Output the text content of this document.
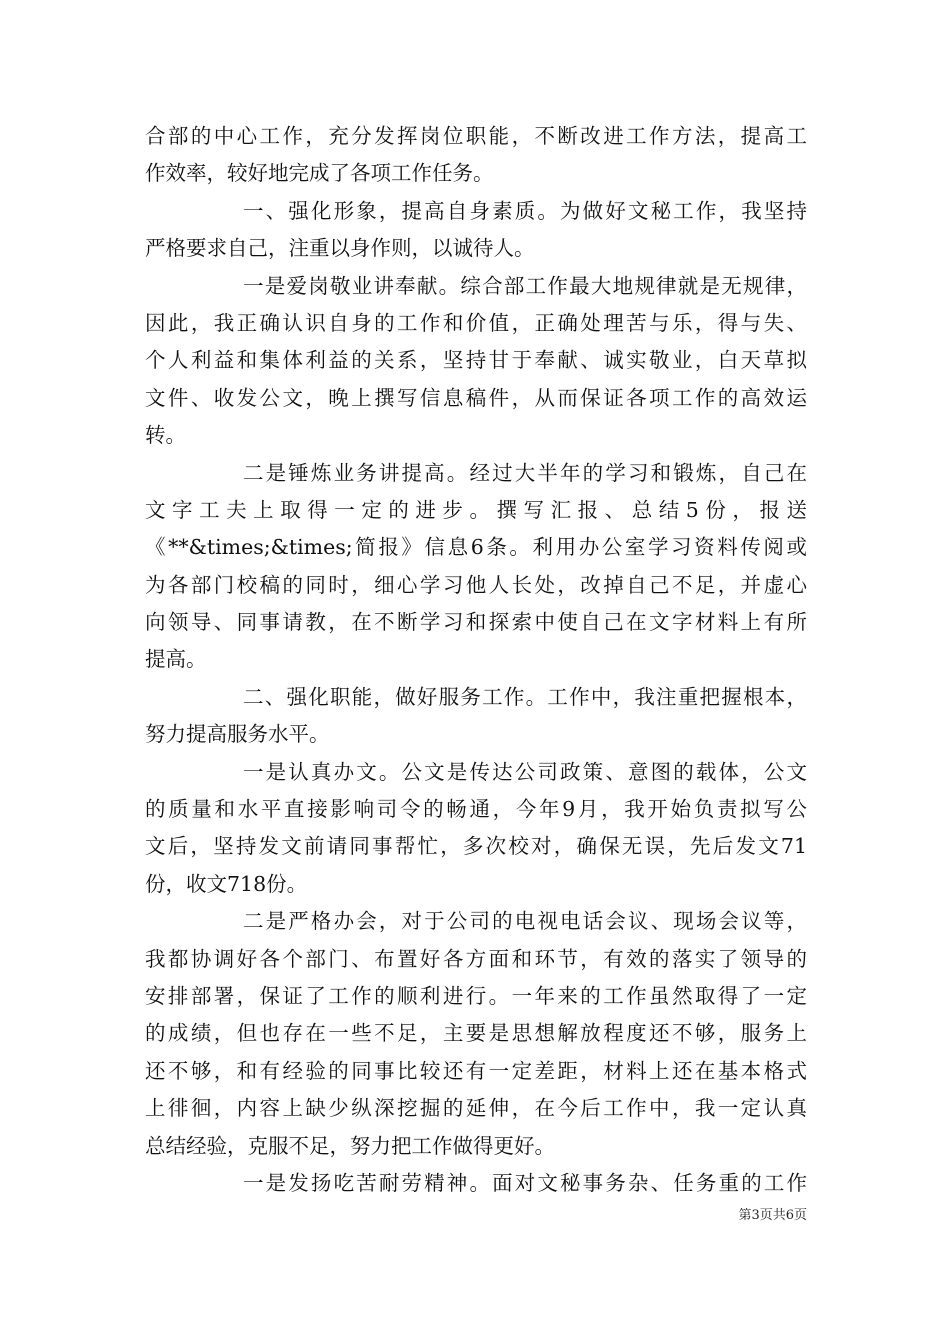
合部的中心工作，充分发挥岗位职能，不断改进工作方法，提高工
作效率，较好地完成了各项工作任务。
一、强化形象，提高自身素质。为做好文秘工作，我坚持
严格要求自己，注重以身作则，以诚待人。
一是爱岗敬业讲奉献。综合部工作最大地规律就是无规律，
因此，我正确认识自身的工作和价值，正确处理苦与乐，得与失、
个人利益和集体利益的关系，坚持甘于奉献、诚实敬业，白天草拟
文件、收发公文，晚上撰写信息稿件，从而保证各项工作的高效运
转。
二是锤炼业务讲提高。经过大半年的学习和锻炼，自己在
文字工夫上取得一定的进步。撰写汇报、总结5份，报送
《**&times;&times;简报》信息6条。利用办公室学习资料传阅或
为各部门校稿的同时，细心学习他人长处，改掉自己不足，并虚心
向领导、同事请教，在不断学习和探索中使自己在文字材料上有所
提高。
二、强化职能，做好服务工作。工作中，我注重把握根本，
努力提高服务水平。
一是认真办文。公文是传达公司政策、意图的载体，公文
的质量和水平直接影响司令的畅通，今年9月，我开始负责拟写公
文后，坚持发文前请同事帮忙，多次校对，确保无误，先后发文71
份，收文718份。
二是严格办会，对于公司的电视电话会议、现场会议等，
我都协调好各个部门、布置好各方面和环节，有效的落实了领导的
安排部署，保证了工作的顺利进行。一年来的工作虽然取得了一定
的成绩，但也存在一些不足，主要是思想解放程度还不够，服务上
还不够，和有经验的同事比较还有一定差距，材料上还在基本格式
上徘徊，内容上缺少纵深挖掘的延伸，在今后工作中，我一定认真
总结经验，克服不足，努力把工作做得更好。
一是发扬吃苦耐劳精神。面对文秘事务杂、任务重的工作
第3页共6页
